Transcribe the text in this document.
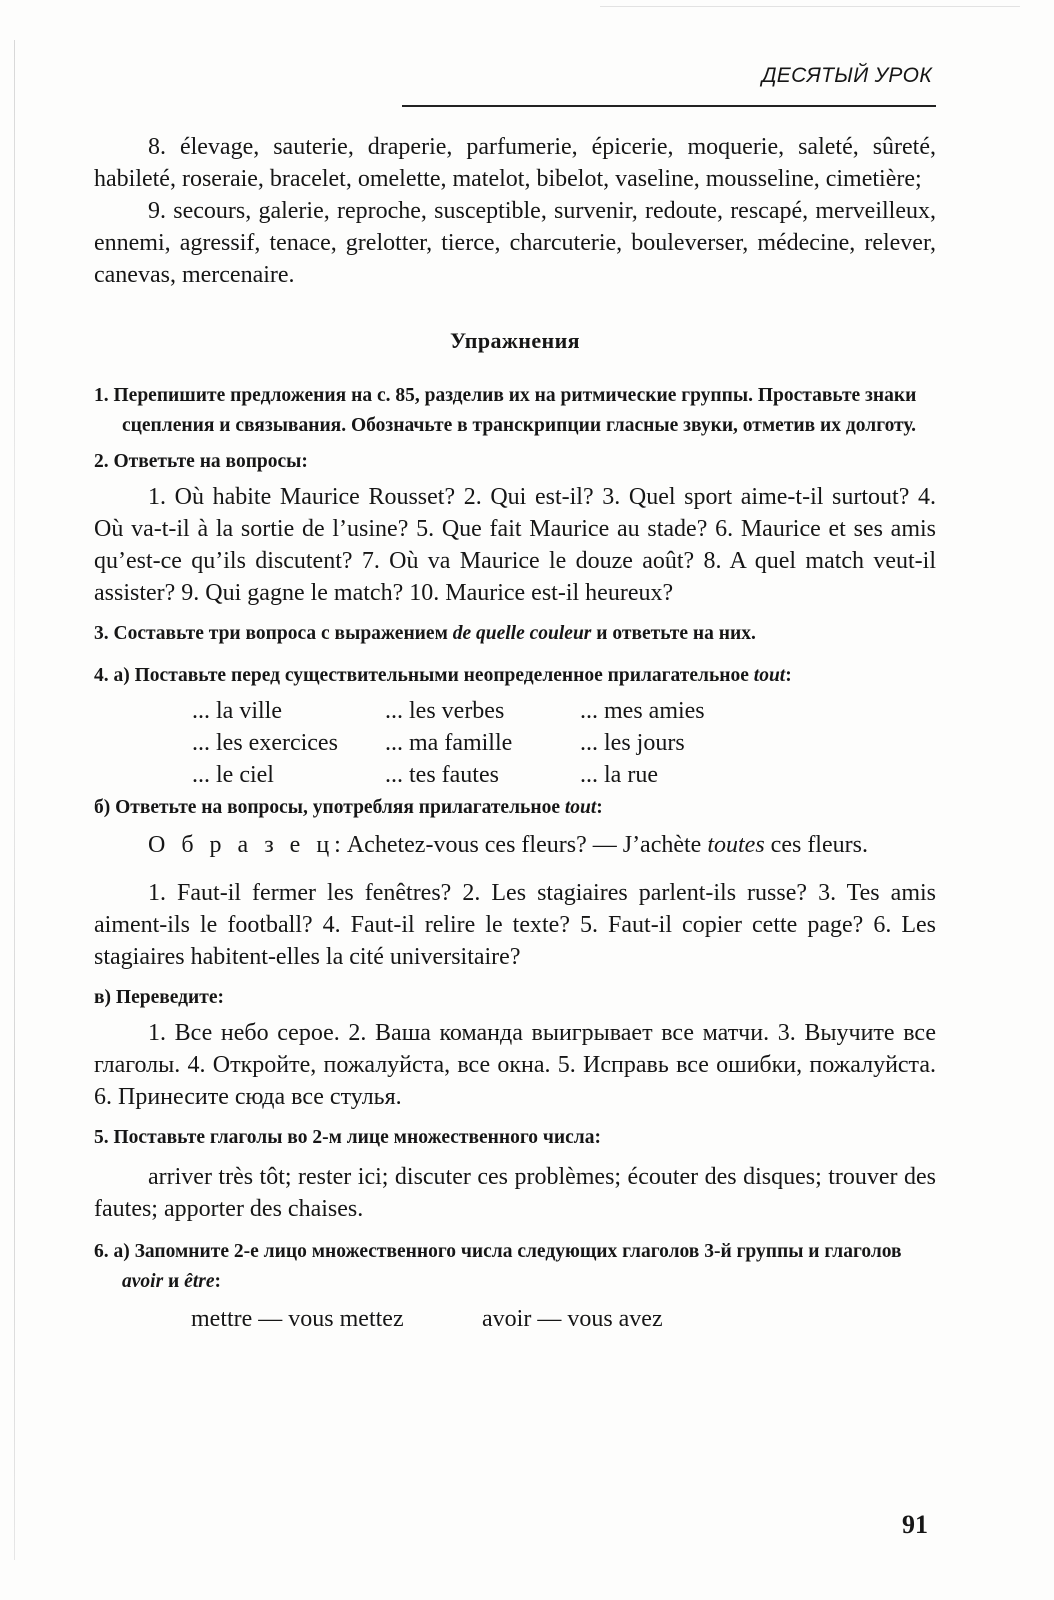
ДЕСЯТЫЙ УРОК

8. élevage, sauterie, draperie, parfumerie, épicerie, moquerie, saleté, sûreté, habileté, roseraie, bracelet, omelette, matelot, bibelot, vaseline, mousseline, cimetière;

9. secours, galerie, reproche, susceptible, survenir, redoute, rescapé, merveilleux, ennemi, agressif, tenace, grelotter, tierce, charcuterie, bouleverser, médecine, relever, canevas, mercenaire.

Упражнения
1. Перепишите предложения на с. 85, разделив их на ритмические группы. Проставьте знаки сцепления и связывания. Обозначьте в транскрипции гласные звуки, отметив их долготу.
2. Ответьте на вопросы:

1. Où habite Maurice Rousset? 2. Qui est-il? 3. Quel sport aime-t-il surtout? 4. Où va-t-il à la sortie de l’usine? 5. Que fait Maurice au stade? 6. Maurice et ses amis qu’est-ce qu’ils discutent? 7. Où va Maurice le douze août? 8. A quel match veut-il assister? 9. Qui gagne le match? 10. Maurice est-il heureux?

3. Составьте три вопроса с выражением de quelle couleur и ответьте на них.
4. а) Поставьте перед существительными неопределенное прилагательное tout:
... la ville	... les verbes	... mes amies
... les exercices	... ma famille	... les jours
... le ciel	... tes fautes	... la rue
б) Ответьте на вопросы, употребляя прилагательное tout:

О б р а з е ц: Achetez-vous ces fleurs? — J’achète toutes ces fleurs.

1. Faut-il fermer les fenêtres? 2. Les stagiaires parlent-ils russe? 3. Tes amis aiment-ils le football? 4. Faut-il relire le texte? 5. Faut-il copier cette page? 6. Les stagiaires habitent-elles la cité universitaire?

в) Переведите:

1. Все небо серое. 2. Ваша команда выигрывает все матчи. 3. Выучите все глаголы. 4. Откройте, пожалуйста, все окна. 5. Исправь все ошибки, пожалуйста. 6. Принесите сюда все стулья.

5. Поставьте глаголы во 2-м лице множественного числа:

arriver très tôt; rester ici; discuter ces problèmes; écouter des disques; trouver des fautes; apporter des chaises.

6. а) Запомните 2-е лицо множественного числа следующих глаголов 3-й группы и глаголов avoir и être:
mettre — vous mettez	avoir — vous avez
91
